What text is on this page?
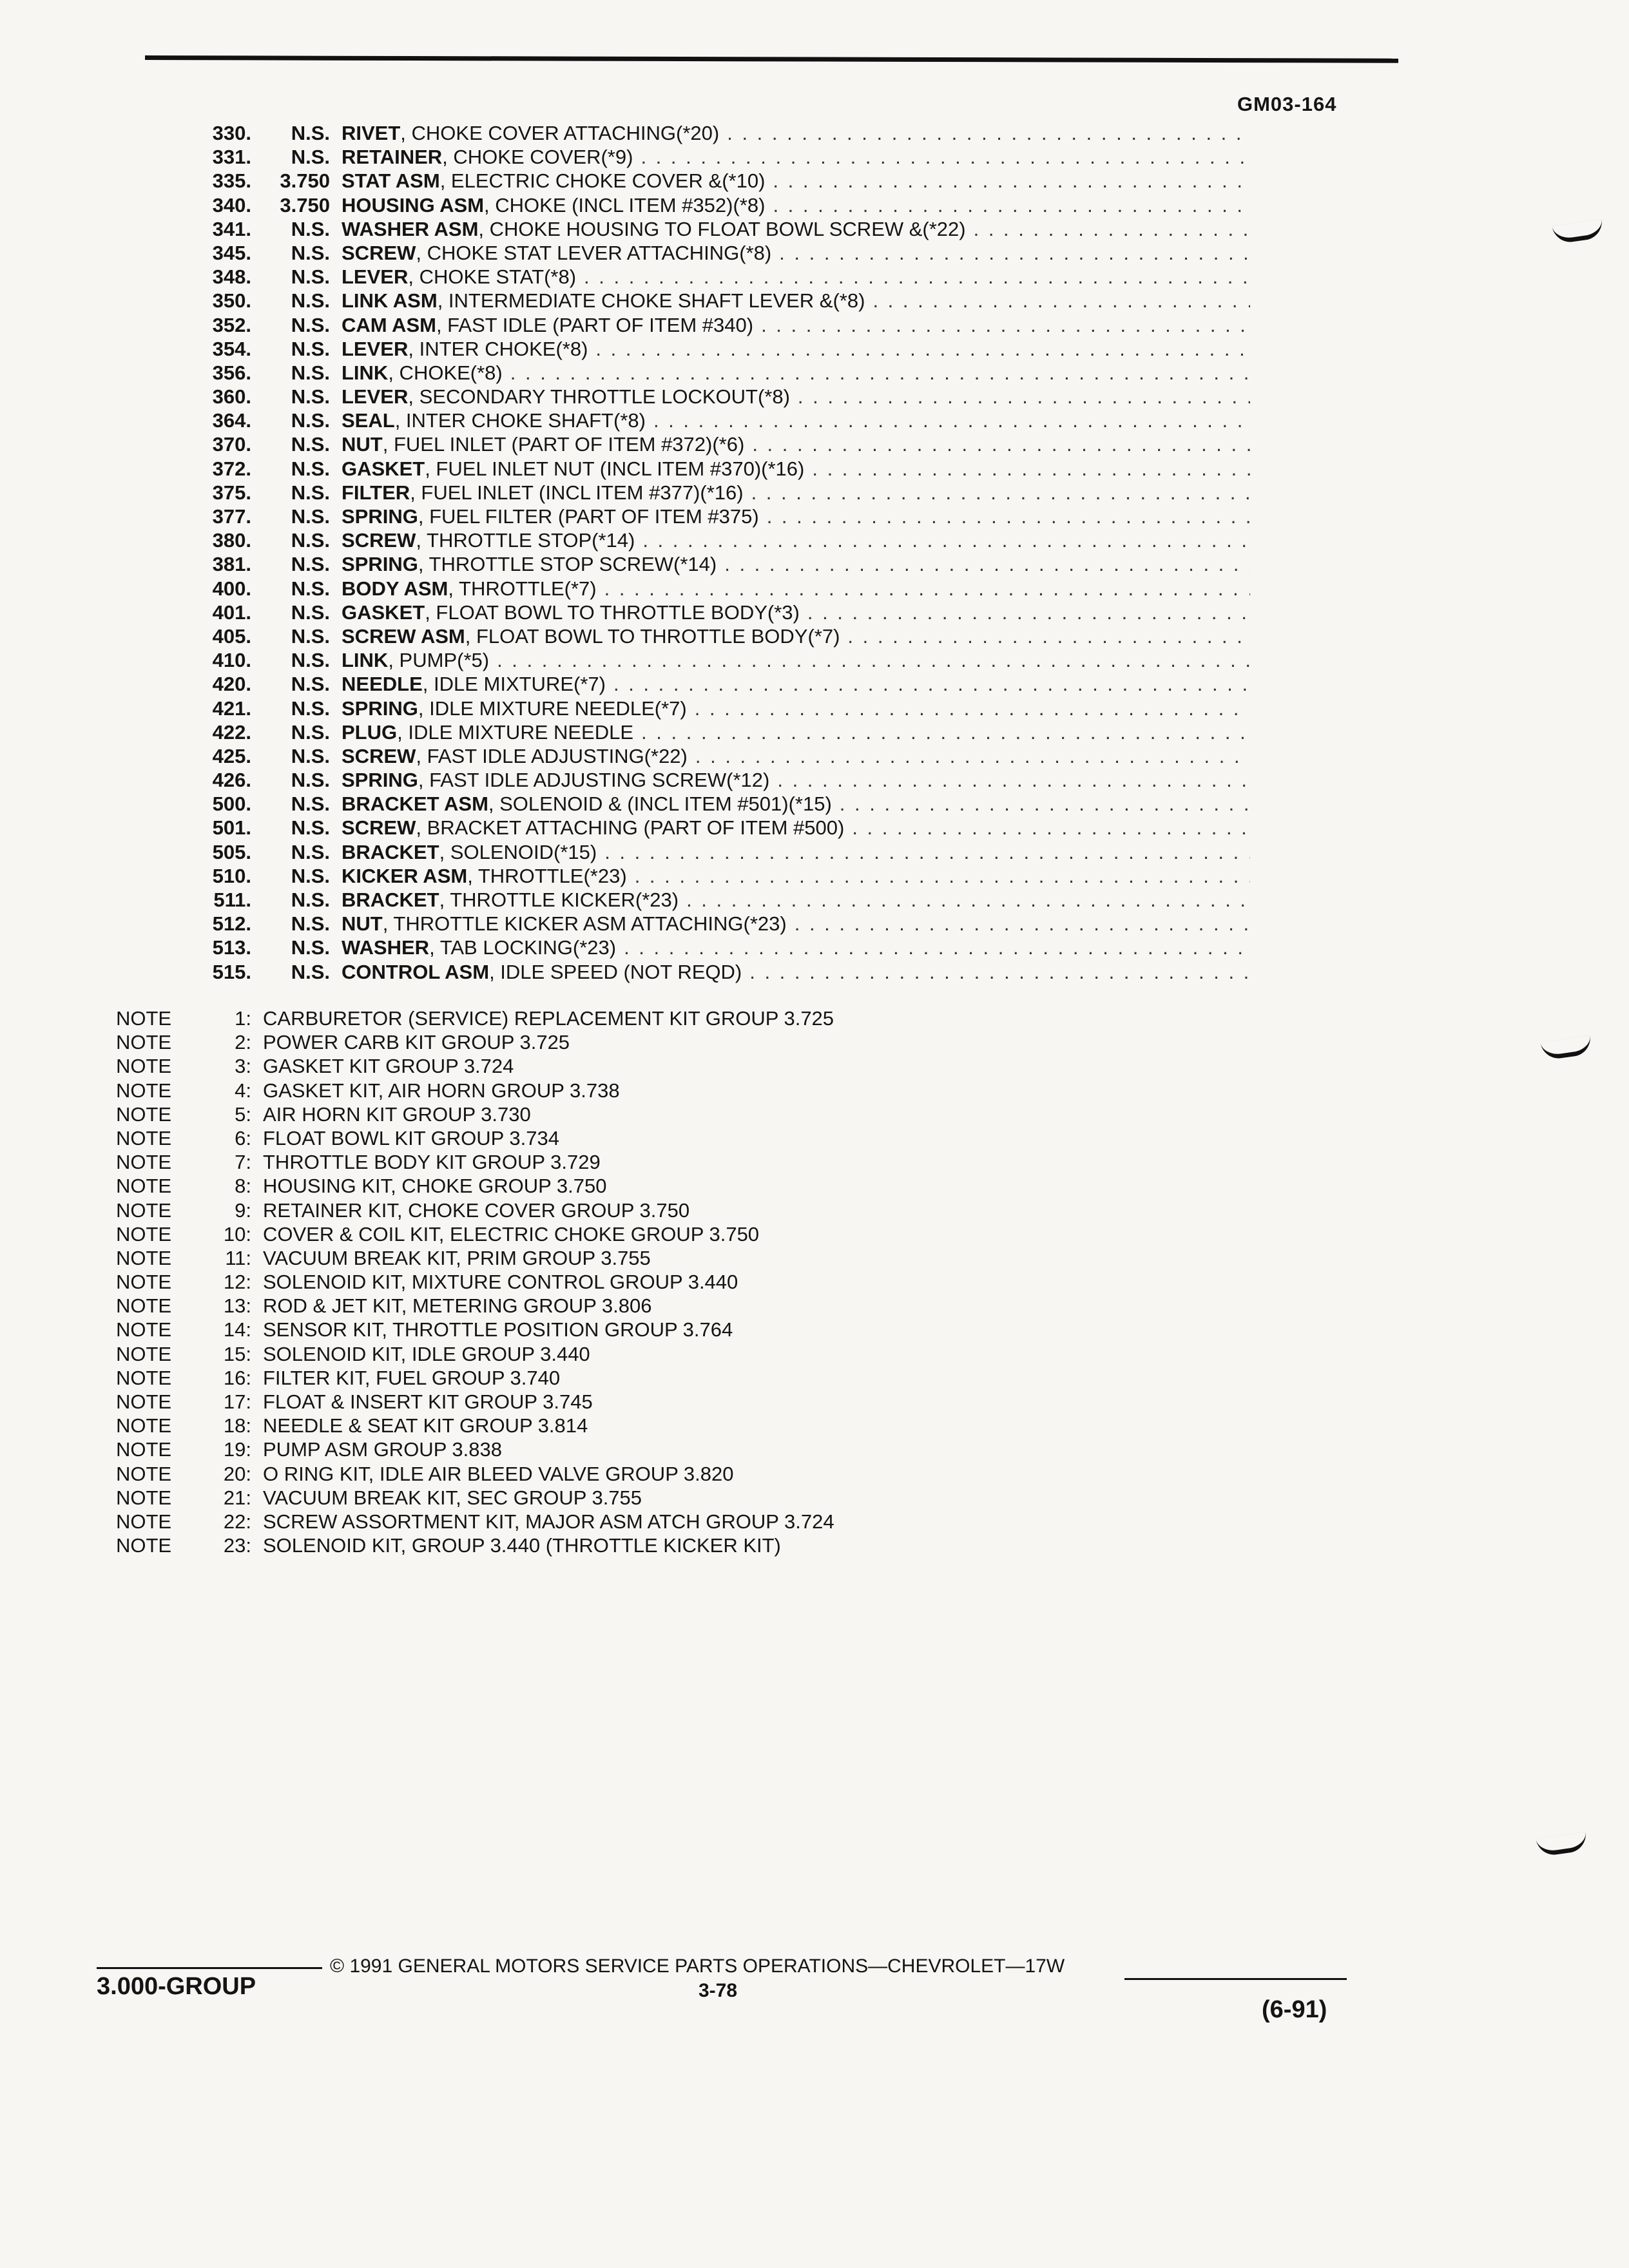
GM03-164
330.	N.S. RIVET , CHOKE COVER ATTACHING(*20)
. . .
331.	N.S. RETAINER , CHOKE COVER(*9)
. . .
335.	3.750 STAT ASM , ELECTRIC CHOKE COVER &(*10)
. . .
340.	3.750 HOUSING ASM , CHOKE (INCL ITEM #352)(*8)
. . .
341.	N.S. WASHER ASM , CHOKE HOUSING TO FLOAT BOWL SCREW &(*22)
. . .
345.	N.S. SCREW , CHOKE STAT LEVER ATTACHING(*8)
. . .
348.	N.S. LEVER , CHOKE STAT(*8)
. . .
350.	N.S. LINK ASM , INTERMEDIATE CHOKE SHAFT LEVER &(*8)
. . .
352.	N.S. CAM ASM , FAST IDLE (PART OF ITEM #340)
. . .
354.	N.S. LEVER , INTER CHOKE(*8)
. . .
356.	N.S. LINK , CHOKE(*8)
. . .
360.	N.S. LEVER , SECONDARY THROTTLE LOCKOUT(*8)
. . .
364.	N.S. SEAL , INTER CHOKE SHAFT(*8)
. . .
370.	N.S. NUT , FUEL INLET (PART OF ITEM #372)(*6)
. . .
372.	N.S. GASKET , FUEL INLET NUT (INCL ITEM #370)(*16)
. . .
375.	N.S. FILTER , FUEL INLET (INCL ITEM #377)(*16)
. . .
377.	N.S. SPRING , FUEL FILTER (PART OF ITEM #375)
. . .
380.	N.S. SCREW , THROTTLE STOP(*14)
. . .
381.	N.S. SPRING , THROTTLE STOP SCREW(*14)
. . .
400.	N.S. BODY ASM , THROTTLE(*7)
. . .
401.	N.S. GASKET , FLOAT BOWL TO THROTTLE BODY(*3)
. . .
405.	N.S. SCREW ASM , FLOAT BOWL TO THROTTLE BODY(*7)
. . .
410.	N.S. LINK , PUMP(*5)
. . .
420.	N.S. NEEDLE , IDLE MIXTURE(*7)
. . .
421.	N.S. SPRING , IDLE MIXTURE NEEDLE(*7)
. . .
422.	N.S. PLUG , IDLE MIXTURE NEEDLE
. . .
425.	N.S. SCREW , FAST IDLE ADJUSTING(*22)
. . .
426.	N.S. SPRING , FAST IDLE ADJUSTING SCREW(*12)
. . .
500.	N.S. BRACKET ASM , SOLENOID & (INCL ITEM #501)(*15)
. . .
501.	N.S. SCREW , BRACKET ATTACHING (PART OF ITEM #500)
. . .
505.	N.S. BRACKET , SOLENOID(*15)
. . .
510.	N.S. KICKER ASM , THROTTLE(*23)
. . .
511.	N.S. BRACKET , THROTTLE KICKER(*23)
. . .
512.	N.S. NUT , THROTTLE KICKER ASM ATTACHING(*23)
. . .
513.	N.S. WASHER , TAB LOCKING(*23)
. . .
515.	N.S. CONTROL ASM , IDLE SPEED (NOT REQD)
. . .
NOTE	1: CARBURETOR (SERVICE) REPLACEMENT KIT GROUP 3.725
NOTE	2: POWER CARB KIT GROUP 3.725
NOTE	3: GASKET KIT GROUP 3.724
NOTE	4: GASKET KIT, AIR HORN GROUP 3.738
NOTE	5: AIR HORN KIT GROUP 3.730
NOTE	6: FLOAT BOWL KIT GROUP 3.734
NOTE	7: THROTTLE BODY KIT GROUP 3.729
NOTE	8: HOUSING KIT, CHOKE GROUP 3.750
NOTE	9: RETAINER KIT, CHOKE COVER GROUP 3.750
NOTE	10: COVER & COIL KIT, ELECTRIC CHOKE GROUP 3.750
NOTE	11: VACUUM BREAK KIT, PRIM GROUP 3.755
NOTE	12: SOLENOID KIT, MIXTURE CONTROL GROUP 3.440
NOTE	13: ROD & JET KIT, METERING GROUP 3.806
NOTE	14: SENSOR KIT, THROTTLE POSITION GROUP 3.764
NOTE	15: SOLENOID KIT, IDLE GROUP 3.440
NOTE	16: FILTER KIT, FUEL GROUP 3.740
NOTE	17: FLOAT & INSERT KIT GROUP 3.745
NOTE	18: NEEDLE & SEAT KIT GROUP 3.814
NOTE	19: PUMP ASM GROUP 3.838
NOTE	20: O RING KIT, IDLE AIR BLEED VALVE GROUP 3.820
NOTE	21: VACUUM BREAK KIT, SEC GROUP 3.755
NOTE	22: SCREW ASSORTMENT KIT, MAJOR ASM ATCH GROUP 3.724
NOTE	23: SOLENOID KIT, GROUP 3.440 (THROTTLE KICKER KIT)
3.000-GROUP
© 1991 GENERAL MOTORS SERVICE PARTS OPERATIONS—CHEVROLET—17W
3-78
(6-91)
